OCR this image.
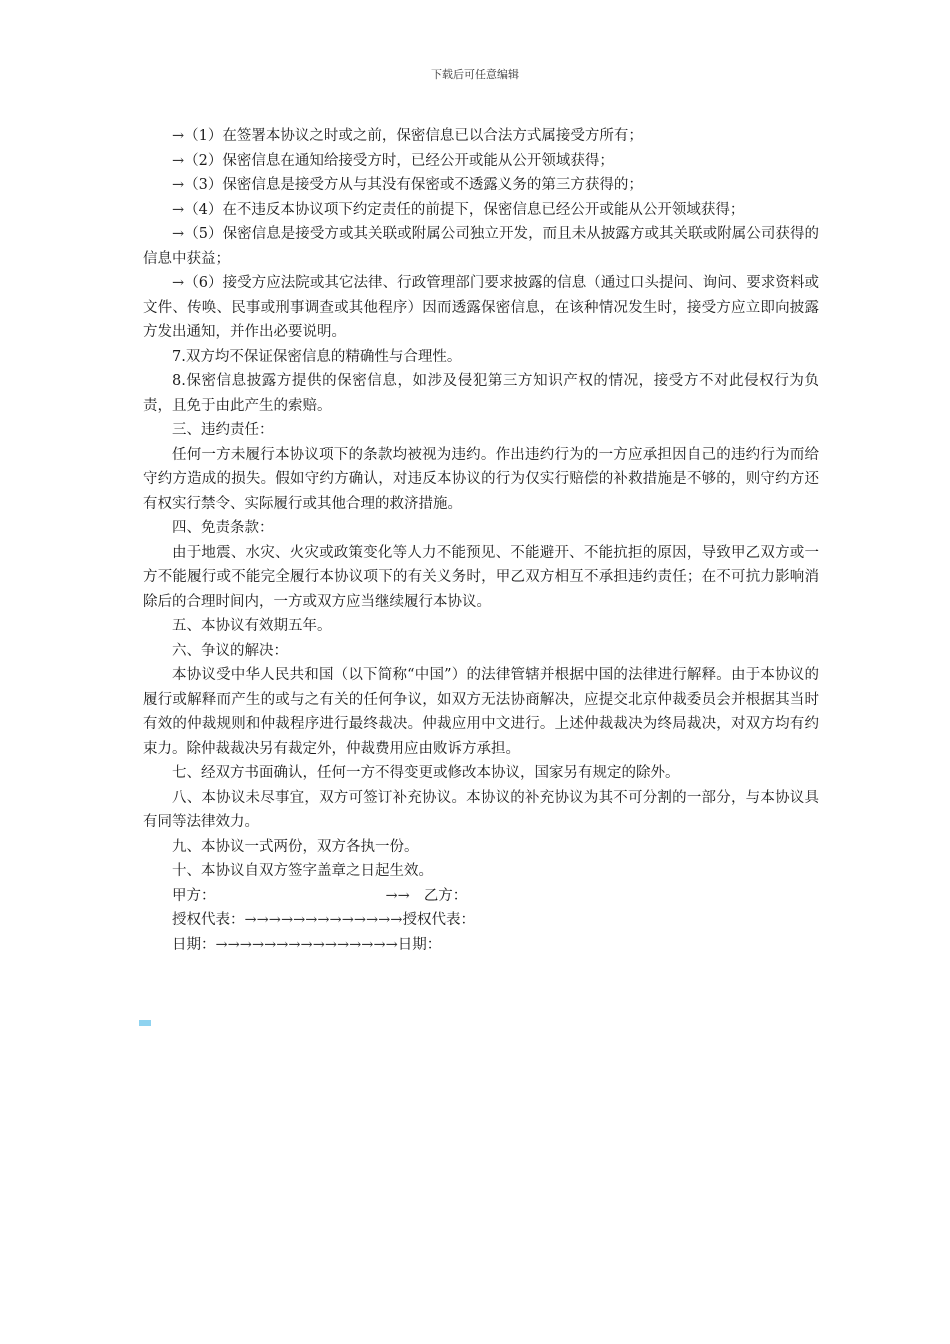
下载后可任意编辑

→（1）在签署本协议之时或之前，保密信息已以合法方式属接受方所有；

→（2）保密信息在通知给接受方时，已经公开或能从公开领域获得；

→（3）保密信息是接受方从与其没有保密或不透露义务的第三方获得的；

→（4）在不违反本协议项下约定责任的前提下，保密信息已经公开或能从公开领域获得；

→（5）保密信息是接受方或其关联或附属公司独立开发，而且未从披露方或其关联或附属公司获得的信息中获益；

→（6）接受方应法院或其它法律、行政管理部门要求披露的信息（通过口头提问、询问、要求资料或文件、传唤、民事或刑事调查或其他程序）因而透露保密信息，在该种情况发生时，接受方应立即向披露方发出通知，并作出必要说明。

7.双方均不保证保密信息的精确性与合理性。

8.保密信息披露方提供的保密信息，如涉及侵犯第三方知识产权的情况，接受方不对此侵权行为负责，且免于由此产生的索赔。

三、违约责任：

任何一方未履行本协议项下的条款均被视为违约。作出违约行为的一方应承担因自己的违约行为而给守约方造成的损失。假如守约方确认，对违反本协议的行为仅实行赔偿的补救措施是不够的，则守约方还有权实行禁令、实际履行或其他合理的救济措施。

四、免责条款：

由于地震、水灾、火灾或政策变化等人力不能预见、不能避开、不能抗拒的原因，导致甲乙双方或一方不能履行或不能完全履行本协议项下的有关义务时，甲乙双方相互不承担违约责任；在不可抗力影响消除后的合理时间内，一方或双方应当继续履行本协议。

五、本协议有效期五年。

六、争议的解决：

本协议受中华人民共和国（以下简称“中国”）的法律管辖并根据中国的法律进行解释。由于本协议的履行或解释而产生的或与之有关的任何争议，如双方无法协商解决，应提交北京仲裁委员会并根据其当时有效的仲裁规则和仲裁程序进行最终裁决。仲裁应用中文进行。上述仲裁裁决为终局裁决，对双方均有约束力。除仲裁裁决另有裁定外，仲裁费用应由败诉方承担。

七、经双方书面确认，任何一方不得变更或修改本协议，国家另有规定的除外。

八、本协议未尽事宜，双方可签订补充协议。本协议的补充协议为其不可分割的一部分，与本协议具有同等法律效力。

九、本协议一式两份，双方各执一份。

十、本协议自双方签字盖章之日起生效。

甲方：	→→ 乙方：

授权代表：→→→→→→→→→→→→→授权代表：

日期：→→→→→→→→→→→→→→→日期：
